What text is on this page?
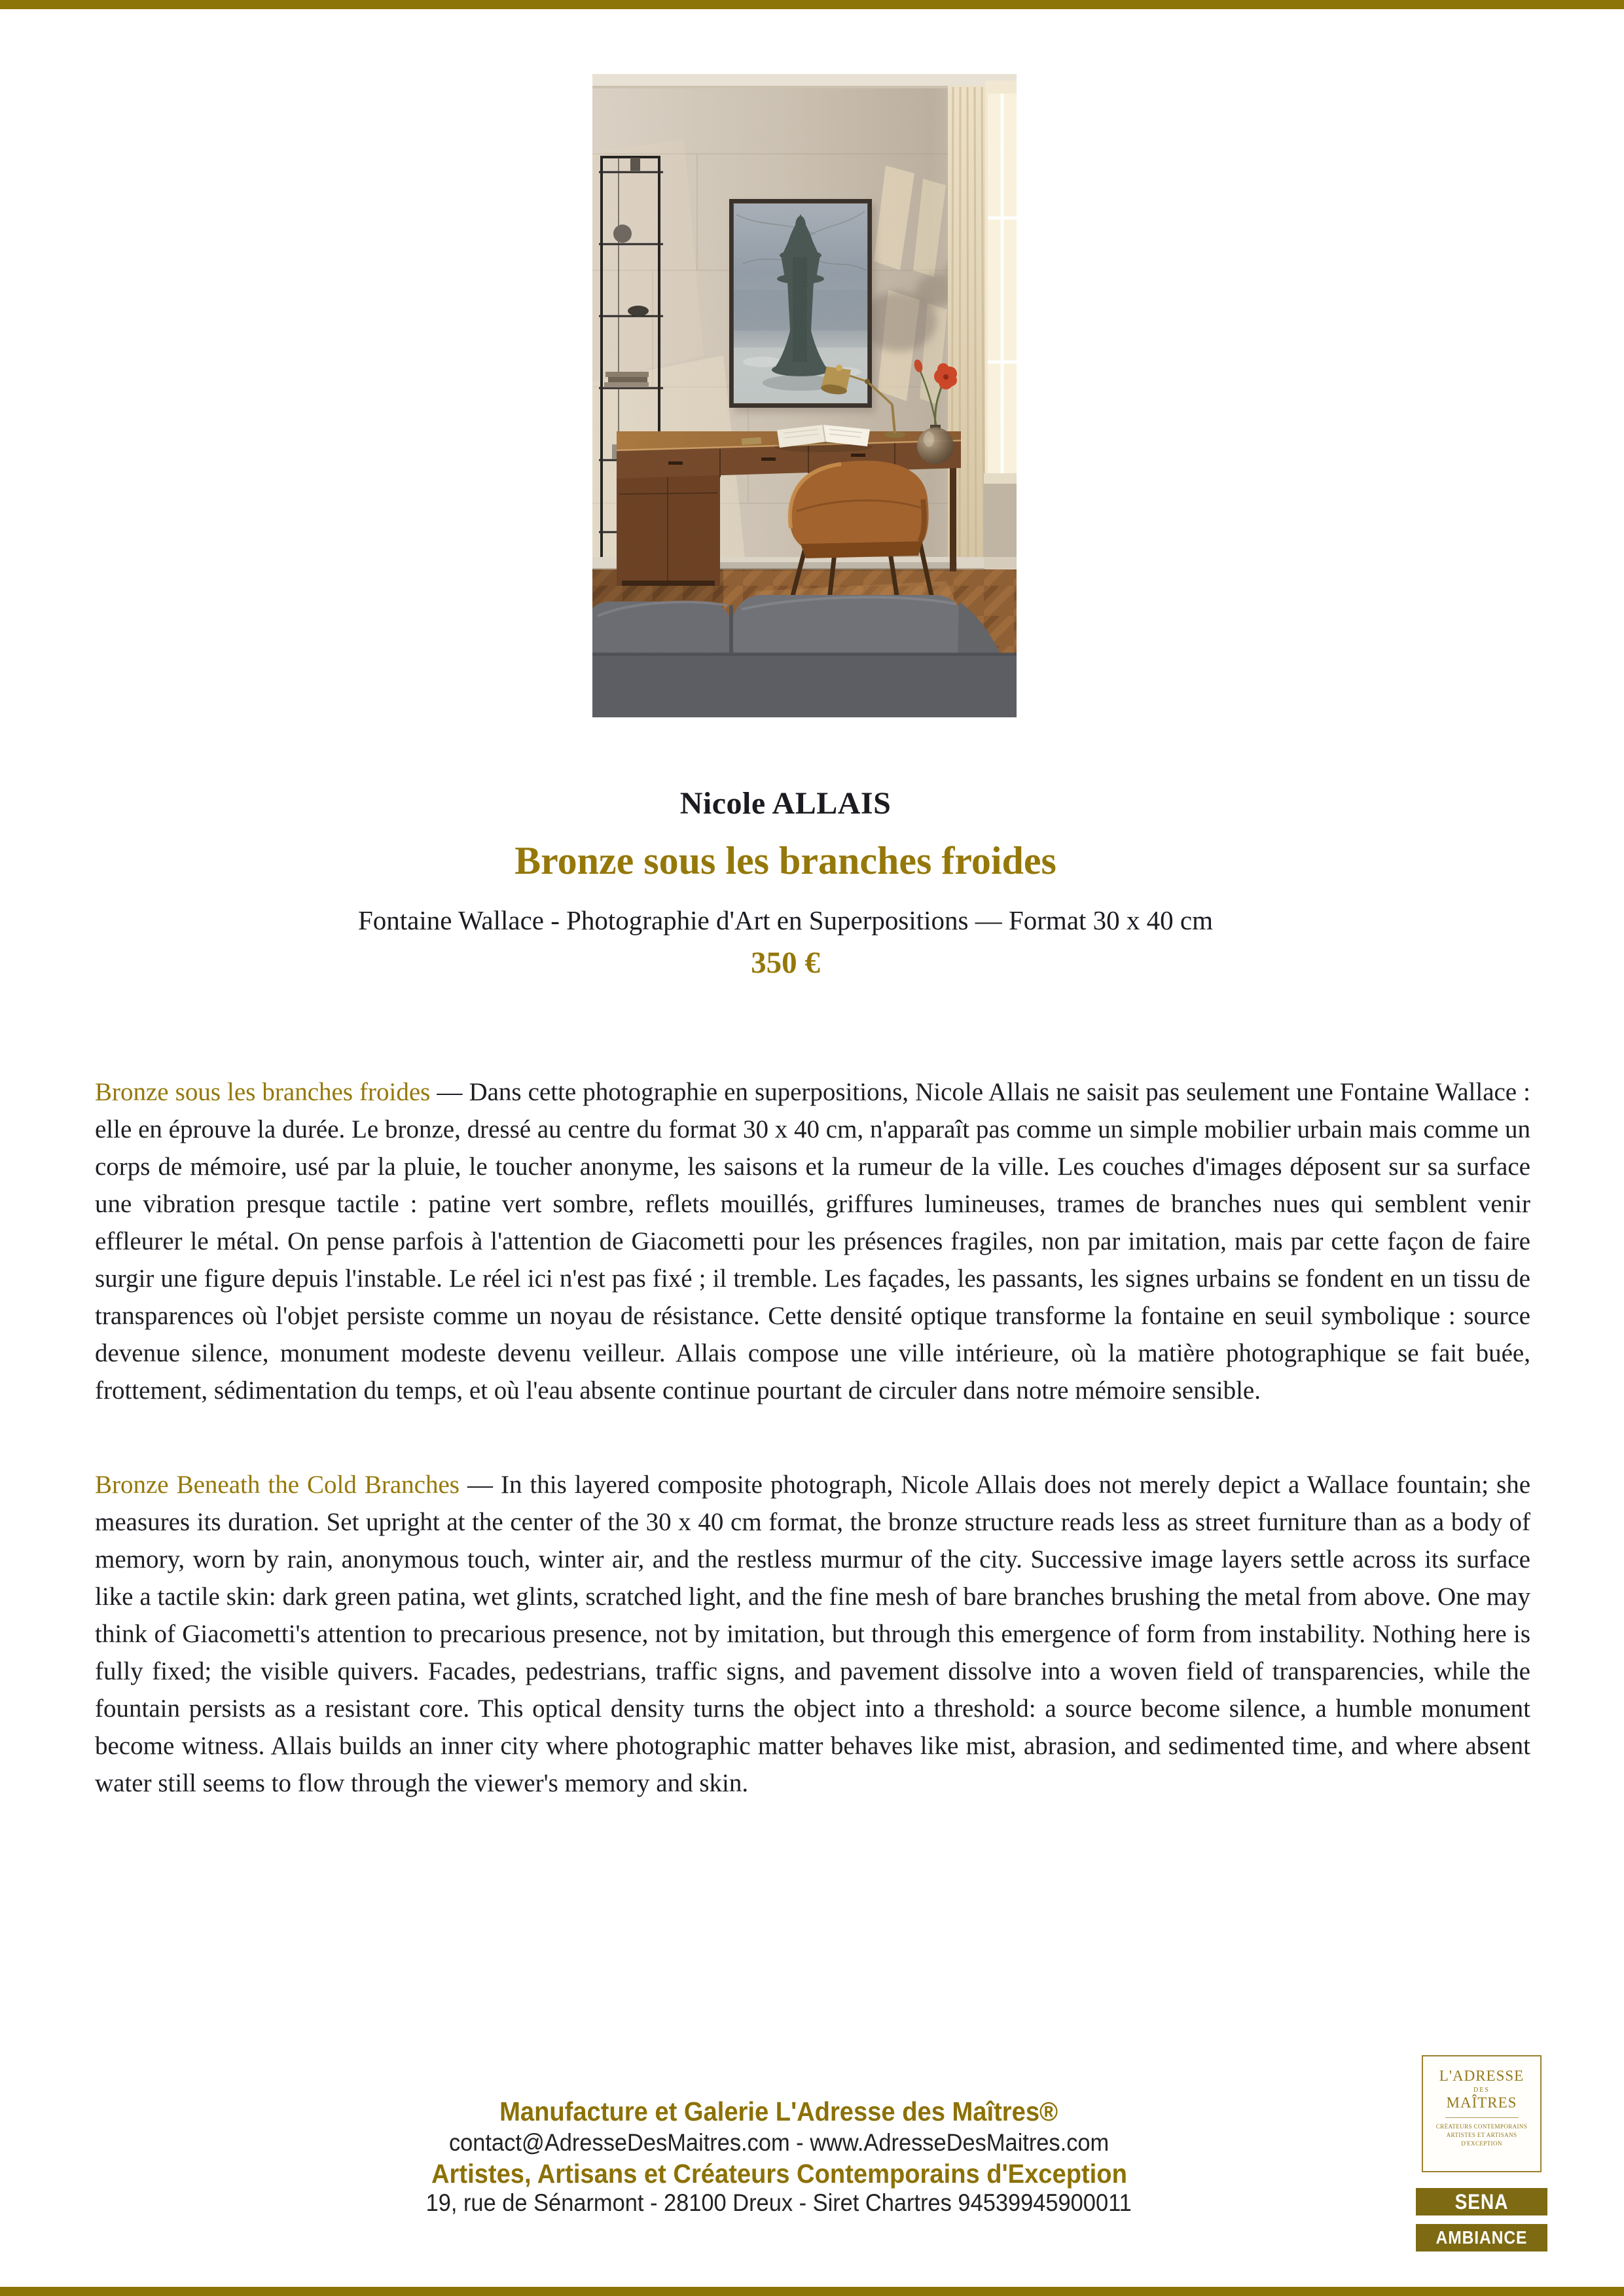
Nicole ALLAIS
Bronze sous les branches froides

Fontaine Wallace - Photographie d'Art en Superpositions — Format 30 x 40 cm

350 €

Bronze sous les branches froides — Dans cette photographie en superpositions, Nicole Allais ne saisit pas seulement une Fontaine Wallace : elle en éprouve la durée. Le bronze, dressé au centre du format 30 x 40 cm, n'apparaît pas comme un simple mobilier urbain mais comme un corps de mémoire, usé par la pluie, le toucher anonyme, les saisons et la rumeur de la ville. Les couches d'images déposent sur sa surface une vibration presque tactile : patine vert sombre, reflets mouillés, griffures lumineuses, trames de branches nues qui semblent venir effleurer le métal. On pense parfois à l'attention de Giacometti pour les présences fragiles, non par imitation, mais par cette façon de faire surgir une figure depuis l'instable. Le réel ici n'est pas fixé ; il tremble. Les façades, les passants, les signes urbains se fondent en un tissu de transparences où l'objet persiste comme un noyau de résistance. Cette densité optique transforme la fontaine en seuil symbolique : source devenue silence, monument modeste devenu veilleur. Allais compose une ville intérieure, où la matière photographique se fait buée, frottement, sédimentation du temps, et où l'eau absente continue pourtant de circuler dans notre mémoire sensible.

Bronze Beneath the Cold Branches — In this layered composite photograph, Nicole Allais does not merely depict a Wallace fountain; she measures its duration. Set upright at the center of the 30 x 40 cm format, the bronze structure reads less as street furniture than as a body of memory, worn by rain, anonymous touch, winter air, and the restless murmur of the city. Successive image layers settle across its surface like a tactile skin: dark green patina, wet glints, scratched light, and the fine mesh of bare branches brushing the metal from above. One may think of Giacometti's attention to precarious presence, not by imitation, but through this emergence of form from instability. Nothing here is fully fixed; the visible quivers. Facades, pedestrians, traffic signs, and pavement dissolve into a woven field of transparencies, while the fountain persists as a resistant core. This optical density turns the object into a threshold: a source become silence, a humble monument become witness. Allais builds an inner city where photographic matter behaves like mist, abrasion, and sedimented time, and where absent water still seems to flow through the viewer's memory and skin.

Manufacture et Galerie L'Adresse des Maîtres®

contact@AdresseDesMaitres.com - www.AdresseDesMaitres.com

Artistes, Artisans et Créateurs Contemporains d'Exception

19, rue de Sénarmont - 28100 Dreux - Siret Chartres 94539945900011

L'ADRESSE
DES
MAÎTRES
CRÉATEURS CONTEMPORAINS
ARTISTES ET ARTISANS
D'EXCEPTION
SENA
AMBIANCE
